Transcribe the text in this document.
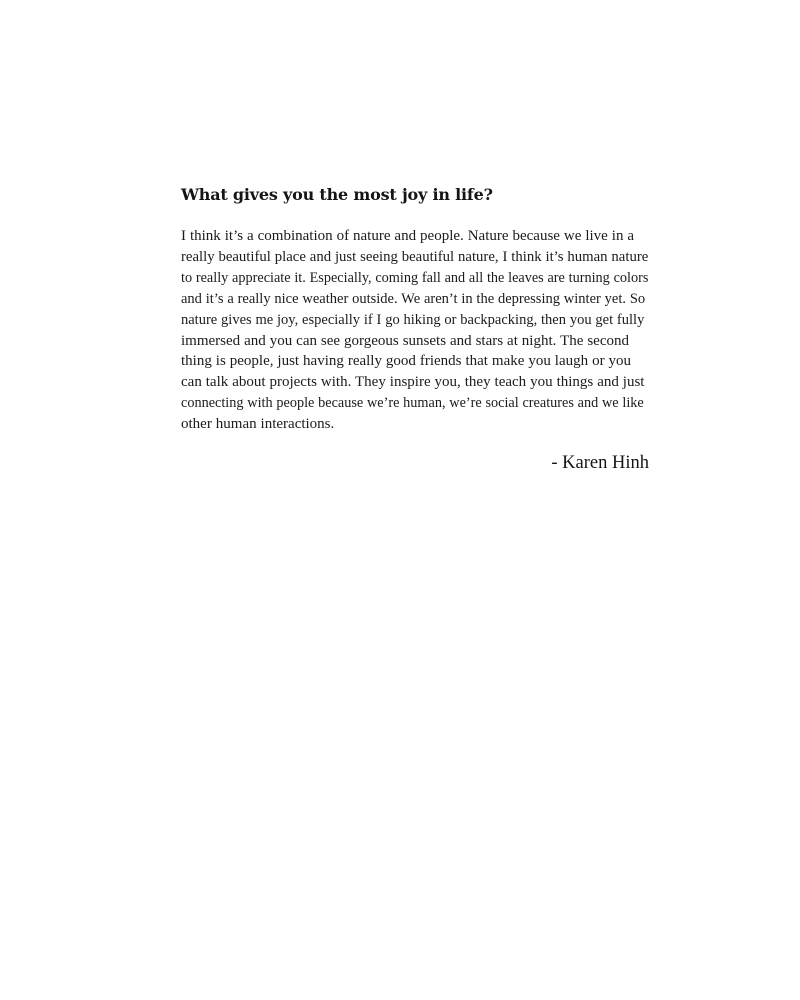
What gives you the most joy in life?
I think it’s a combination of nature and people. Nature because we live in a
really beautiful place and just seeing beautiful nature, I think it’s human nature
to really appreciate it. Especially, coming fall and all the leaves are turning colors
and it’s a really nice weather outside. We aren’t in the depressing winter yet. So
nature gives me joy, especially if I go hiking or backpacking, then you get fully
immersed and you can see gorgeous sunsets and stars at night. The second
thing is people, just having really good friends that make you laugh or you
can talk about projects with. They inspire you, they teach you things and just
connecting with people because we’re human, we’re social creatures and we like
other human interactions.

- Karen Hinh
